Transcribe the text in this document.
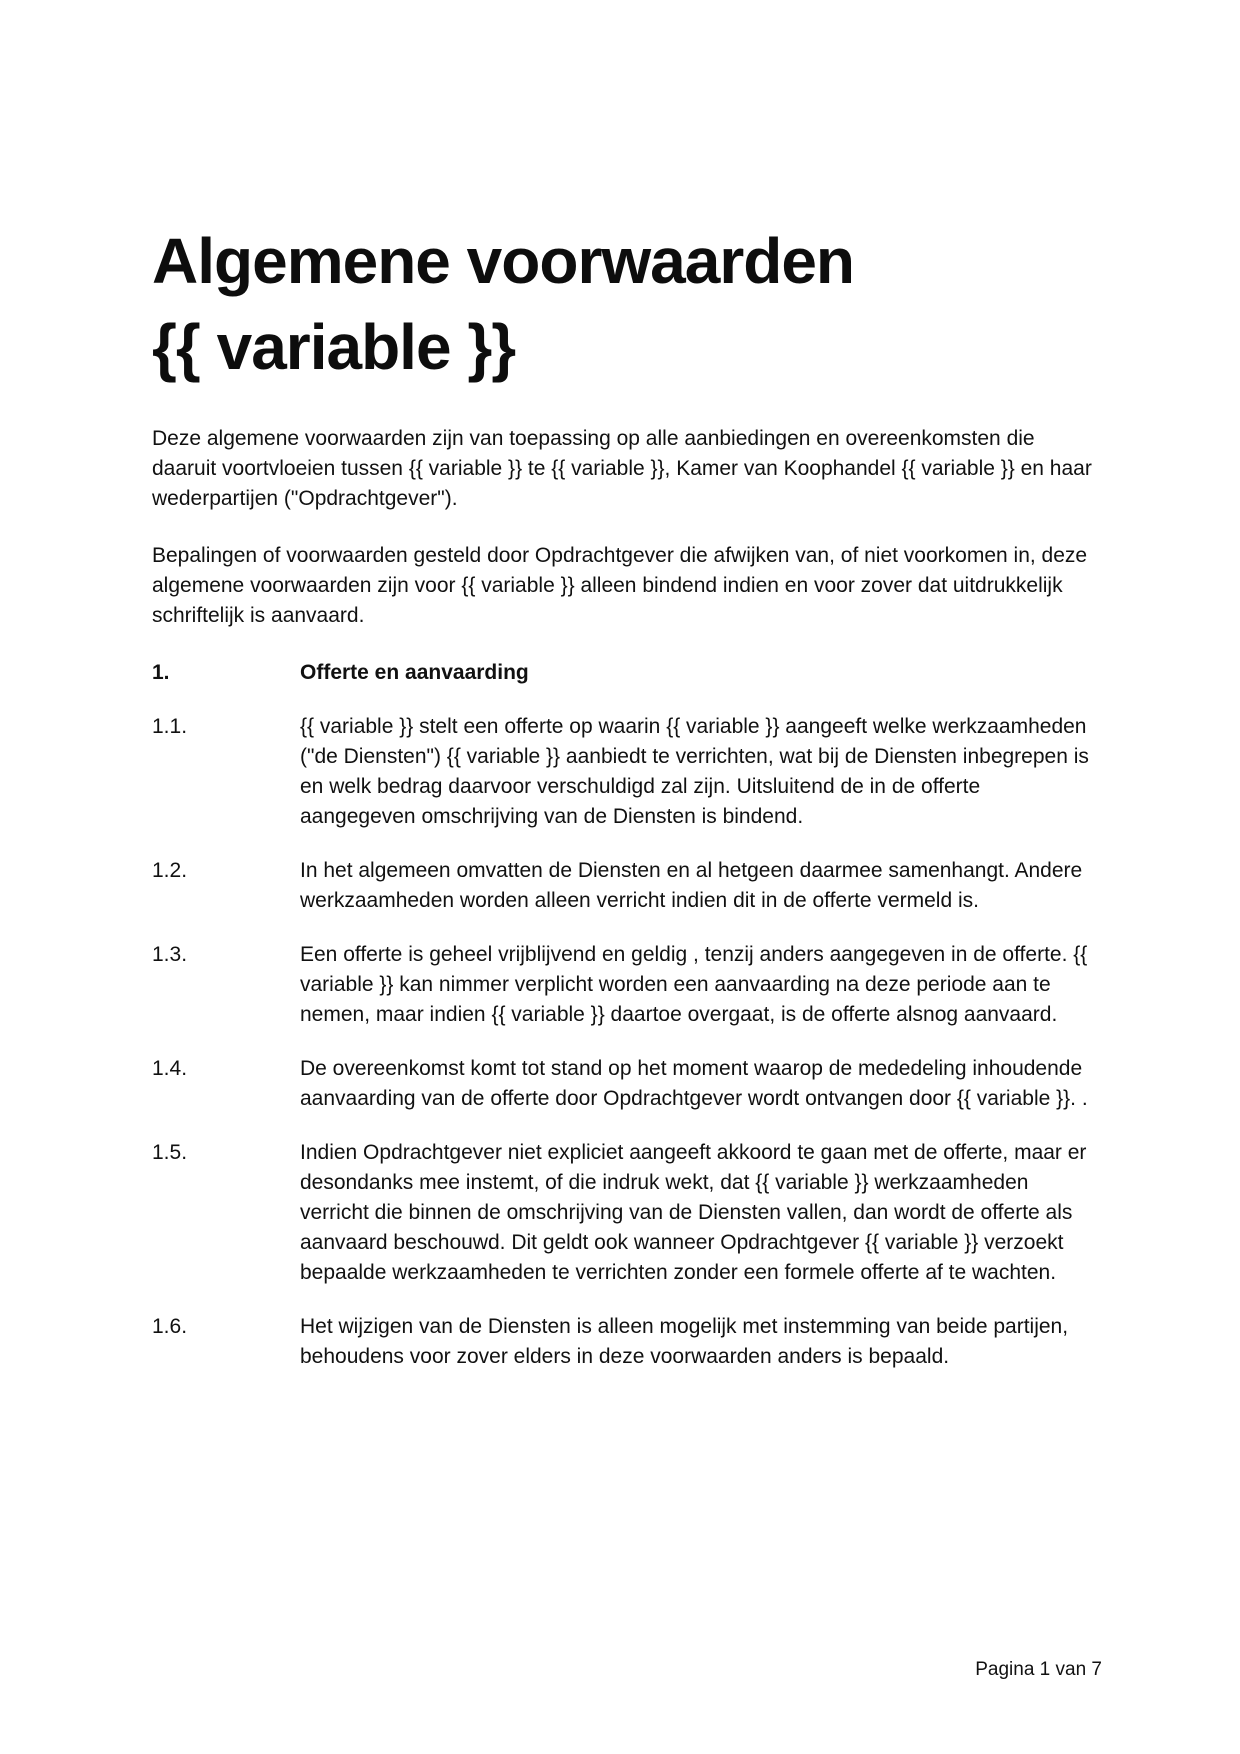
Algemene voorwaarden
{{ variable }}

Deze algemene voorwaarden zijn van toepassing op alle aanbiedingen en overeenkomsten die daaruit voortvloeien tussen {{ variable }} te {{ variable }}, Kamer van Koophandel {{ variable }} en haar wederpartijen ("Opdrachtgever").

Bepalingen of voorwaarden gesteld door Opdrachtgever die afwijken van, of niet voorkomen in, deze algemene voorwaarden zijn voor {{ variable }} alleen bindend indien en voor zover dat uitdrukkelijk schriftelijk is aanvaard.

1.	Offerte en aanvaarding
1.1.	{{ variable }} stelt een offerte op waarin {{ variable }} aangeeft welke werkzaamheden ("de Diensten") {{ variable }} aanbiedt te verrichten, wat bij de Diensten inbegrepen is en welk bedrag daarvoor verschuldigd zal zijn. Uitsluitend de in de offerte aangegeven omschrijving van de Diensten is bindend.
1.2.	In het algemeen omvatten de Diensten en al hetgeen daarmee samenhangt. Andere werkzaamheden worden alleen verricht indien dit in de offerte vermeld is.
1.3.	Een offerte is geheel vrijblijvend en geldig , tenzij anders aangegeven in de offerte. {{ variable }} kan nimmer verplicht worden een aanvaarding na deze periode aan te nemen, maar indien {{ variable }} daartoe overgaat, is de offerte alsnog aanvaard.
1.4.	De overeenkomst komt tot stand op het moment waarop de mededeling inhoudende aanvaarding van de offerte door Opdrachtgever wordt ontvangen door {{ variable }}. .
1.5.	Indien Opdrachtgever niet expliciet aangeeft akkoord te gaan met de offerte, maar er desondanks mee instemt, of die indruk wekt, dat {{ variable }} werkzaamheden verricht die binnen de omschrijving van de Diensten vallen, dan wordt de offerte als aanvaard beschouwd. Dit geldt ook wanneer Opdrachtgever {{ variable }} verzoekt bepaalde werkzaamheden te verrichten zonder een formele offerte af te wachten.
1.6.	Het wijzigen van de Diensten is alleen mogelijk met instemming van beide partijen, behoudens voor zover elders in deze voorwaarden anders is bepaald.
Pagina 1 van 7
